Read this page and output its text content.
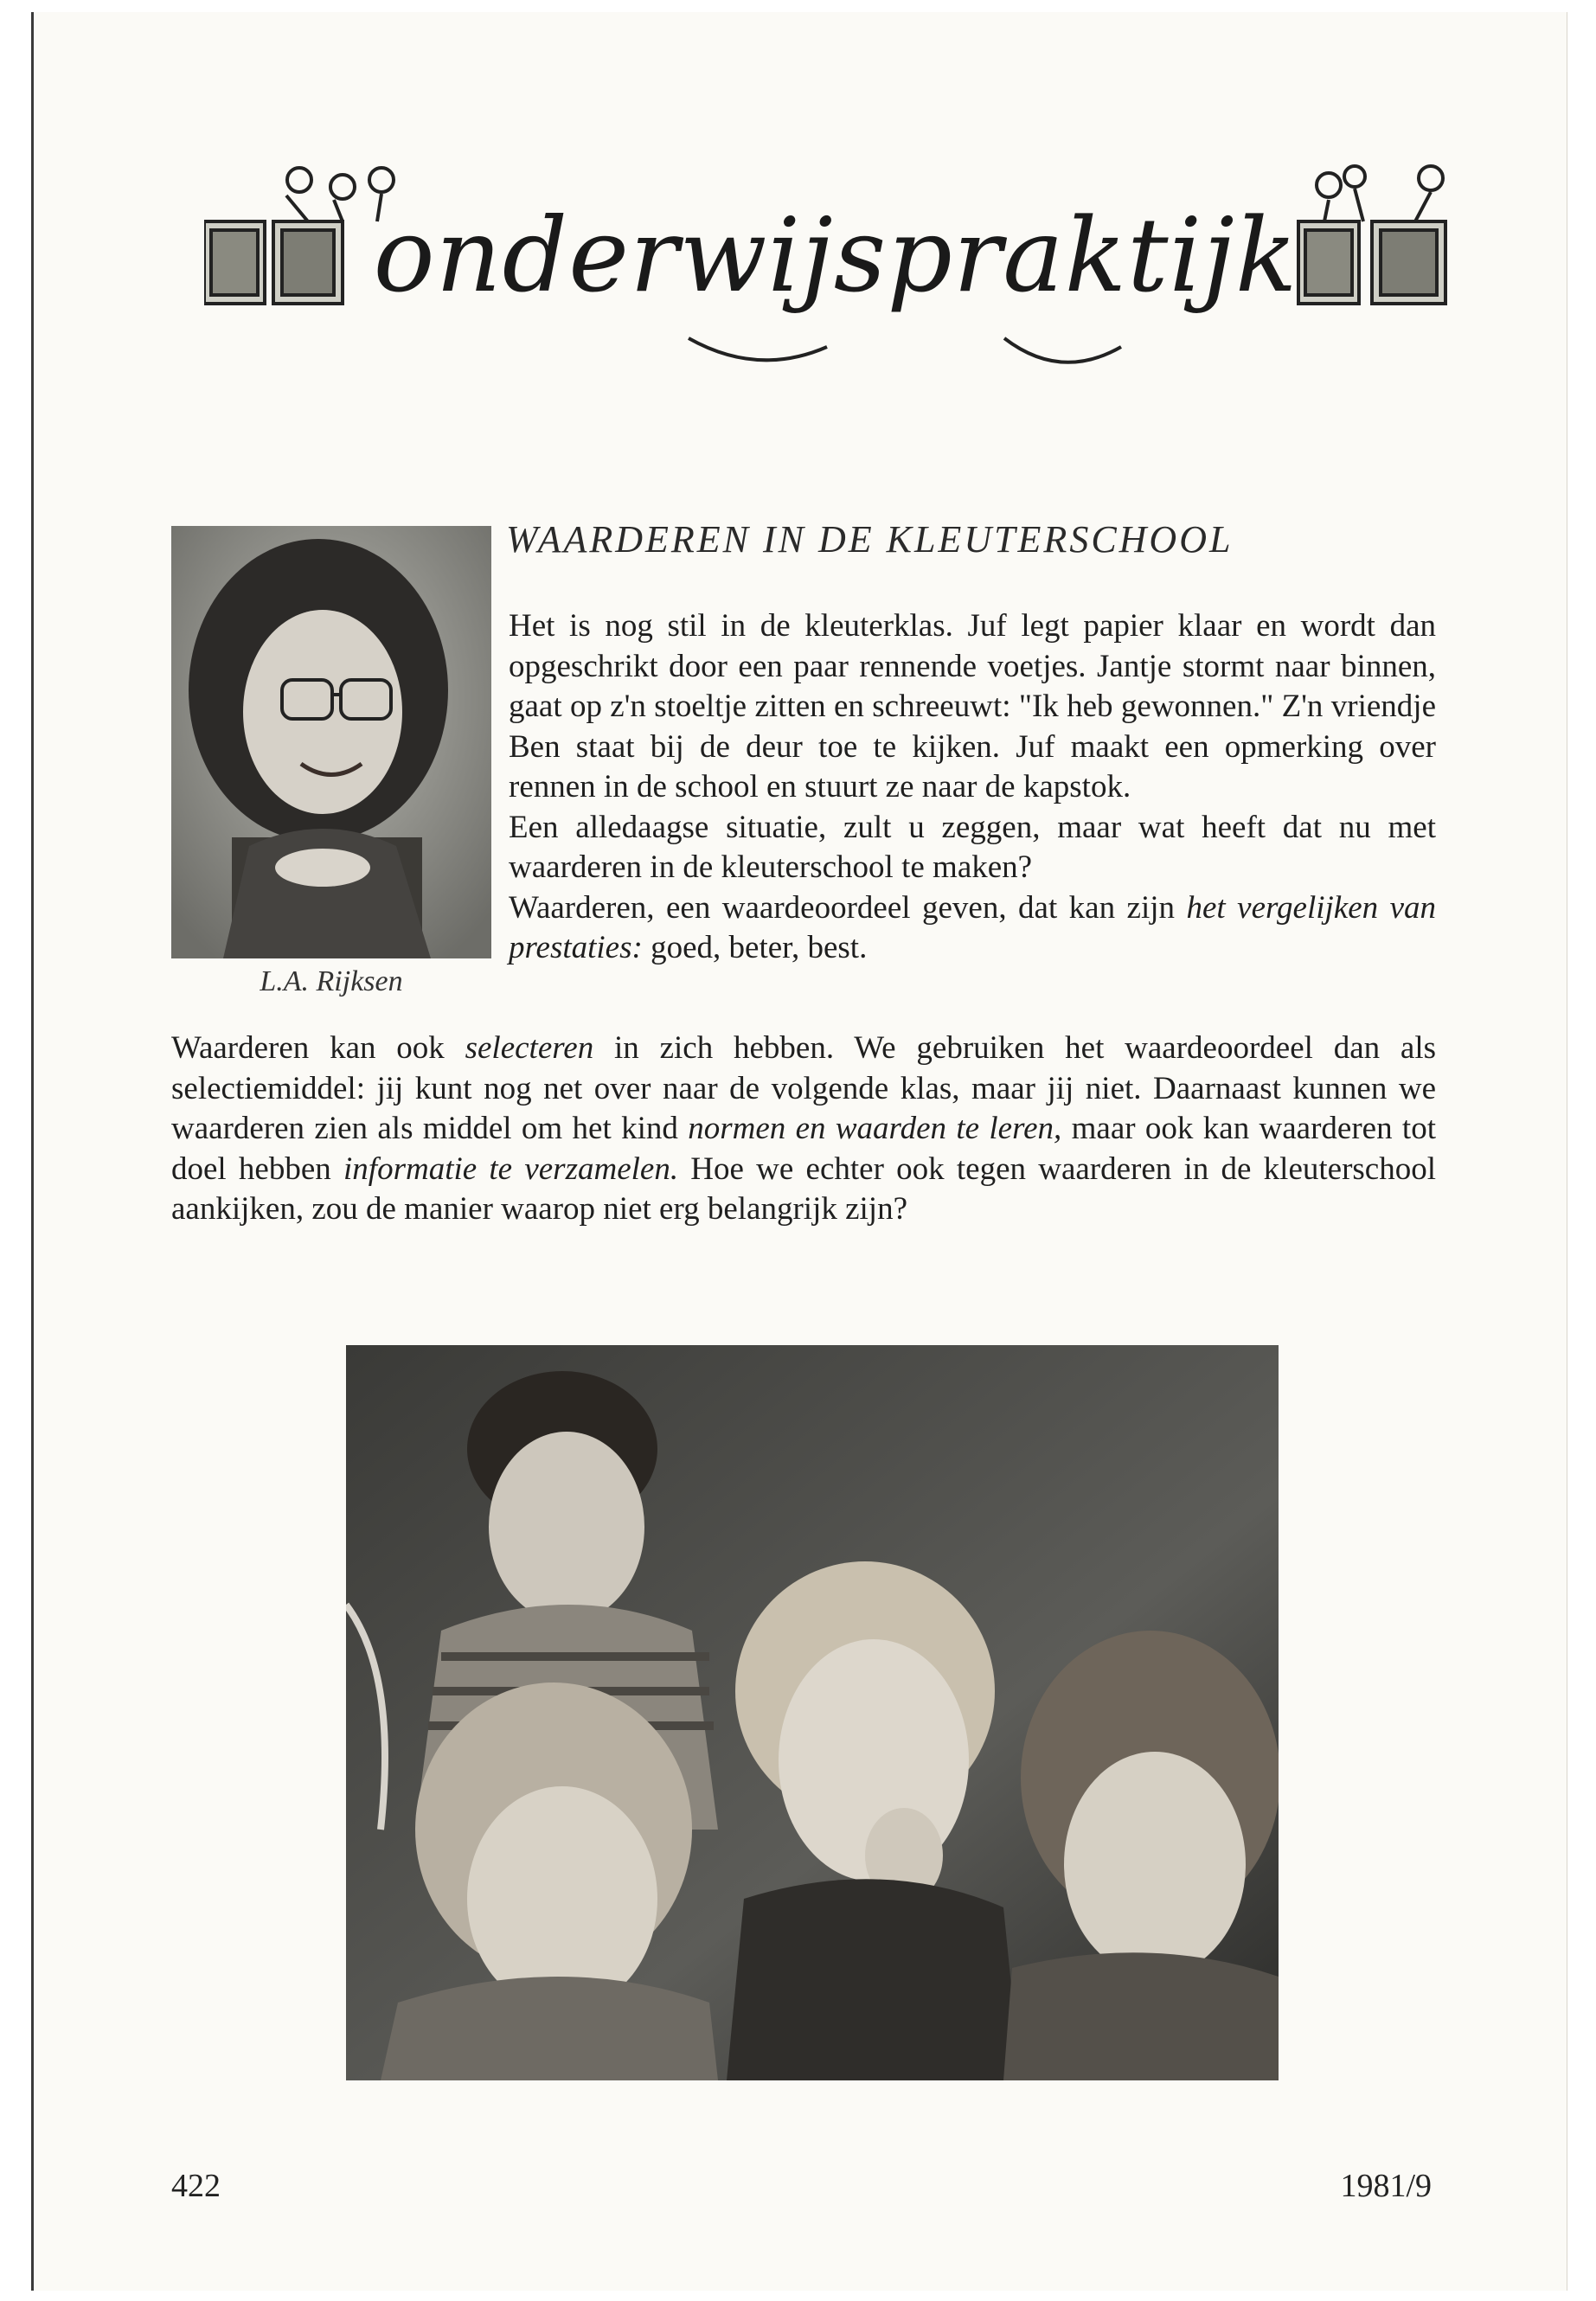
onderwijspraktijk
L.A. Rijksen
WAARDEREN IN DE KLEUTERSCHOOL

Het is nog stil in de kleuterklas. Juf legt papier klaar en wordt dan opgeschrikt door een paar rennende voetjes. Jantje stormt naar binnen, gaat op z'n stoeltje zitten en schreeuwt: "Ik heb gewonnen." Z'n vriendje Ben staat bij de deur toe te kijken. Juf maakt een opmerking over rennen in de school en stuurt ze naar de kapstok.

Een alledaagse situatie, zult u zeggen, maar wat heeft dat nu met waarderen in de kleuterschool te maken?

Waarderen, een waardeoordeel geven, dat kan zijn het vergelijken van prestaties: goed, beter, best.

Waarderen kan ook selecteren in zich hebben. We gebruiken het waardeoordeel dan als selectiemiddel: jij kunt nog net over naar de volgende klas, maar jij niet. Daarnaast kunnen we waarderen zien als middel om het kind normen en waarden te leren, maar ook kan waarderen tot doel hebben informatie te verzamelen. Hoe we echter ook tegen waarderen in de kleuterschool aankijken, zou de manier waarop niet erg belangrijk zijn?

422	1981/9
